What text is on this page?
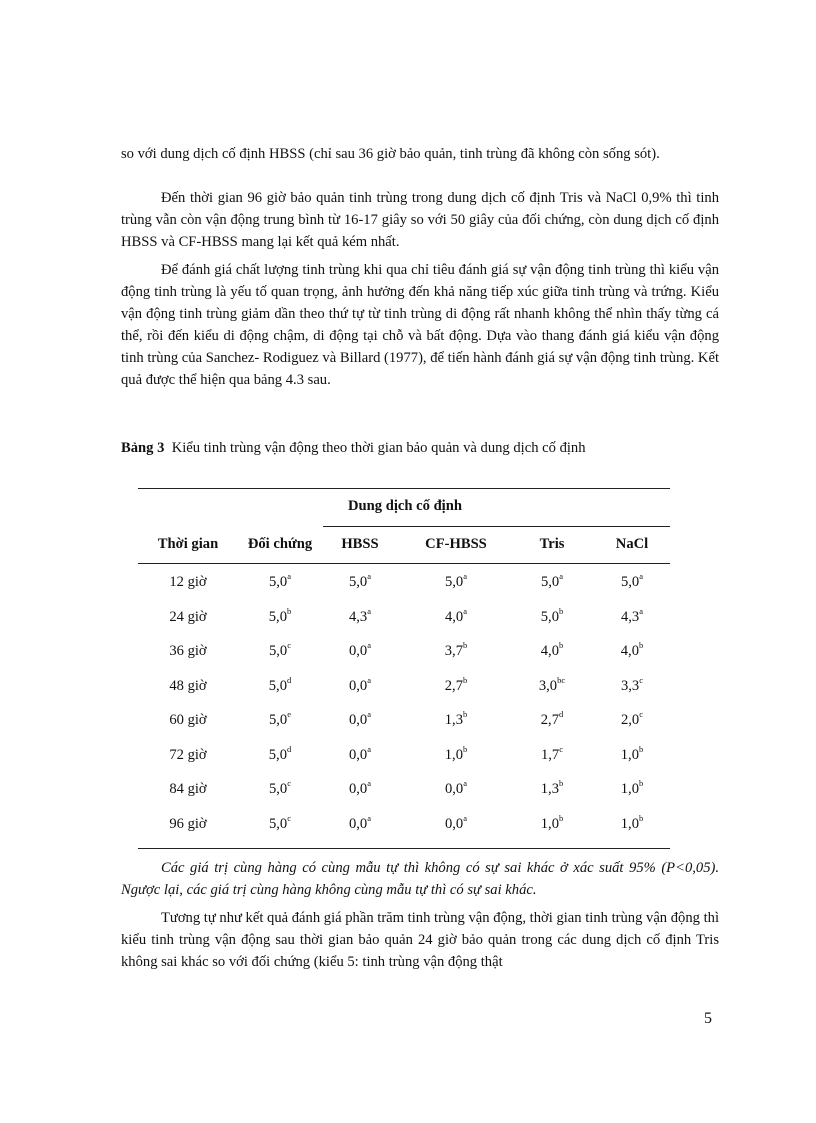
so với dung dịch cố định HBSS (chỉ sau 36 giờ bảo quản, tinh trùng đã không còn sống sót).

Đến thời gian 96 giờ bảo quản tinh trùng trong dung dịch cố định Tris và NaCl 0,9% thì tinh trùng vẫn còn vận động trung bình từ 16-17 giây so với 50 giây của đối chứng, còn dung dịch cố định HBSS và CF-HBSS mang lại kết quả kém nhất.

Để đánh giá chất lượng tinh trùng khi qua chỉ tiêu đánh giá sự vận động tinh trùng thì kiểu vận động tinh trùng là yếu tố quan trọng, ảnh hưởng đến khả năng tiếp xúc giữa tinh trùng và trứng. Kiểu vận động tinh trùng giảm dần theo thứ tự từ tinh trùng di động rất nhanh không thể nhìn thấy từng cá thể, rồi đến kiểu di động chậm, di động tại chỗ và bất động. Dựa vào thang đánh giá kiểu vận động tinh trùng của Sanchez- Rodiguez và Billard (1977), để tiến hành đánh giá sự vận động tinh trùng. Kết quả được thể hiện qua bảng 4.3 sau.

Bảng 3 Kiểu tinh trùng vận động theo thời gian bảo quản và dung dịch cố định

Dung dịch cố định
Thời gian	Đối chứng	HBSS	CF-HBSS	Tris	NaCl
12 giờ	5,0$^a$	5,0$^a$	5,0$^a$	5,0$^a$	5,0$^a$
24 giờ	5,0$^b$	4,3$^a$	4,0$^a$	5,0$^b$	4,3$^a$
36 giờ	5,0$^c$	0,0$^a$	3,7$^b$	4,0$^b$	4,0$^b$
48 giờ	5,0$^d$	0,0$^a$	2,7$^b$	3,0$^{bc}$	3,3$^c$
60 giờ	5,0e	0,0$^a$	1,3$^b$	2,7$^d$	2,0$^c$
72 giờ	5,0$^d$	0,0$^a$	1,0$^b$	1,7$^c$	1,0$^b$
84 giờ	5,0$^c$	0,0$^a$	0,0$^a$	1,3$^b$	1,0$^b$
96 giờ	5,0$^c$	0,0$^a$	0,0$^a$	1,0$^b$	1,0$^b$

Các giá trị cùng hàng có cùng mẫu tự thì không có sự sai khác ở xác suất 95% (P<0,05). Ngược lại, các giá trị cùng hàng không cùng mẫu tự thì có sự sai khác.

Tương tự như kết quả đánh giá phần trăm tinh trùng vận động, thời gian tinh trùng vận động thì kiểu tinh trùng vận động sau thời gian bảo quản 24 giờ bảo quản trong các dung dịch cố định Tris không sai khác so với đối chứng (kiểu 5: tinh trùng vận động thật

5
